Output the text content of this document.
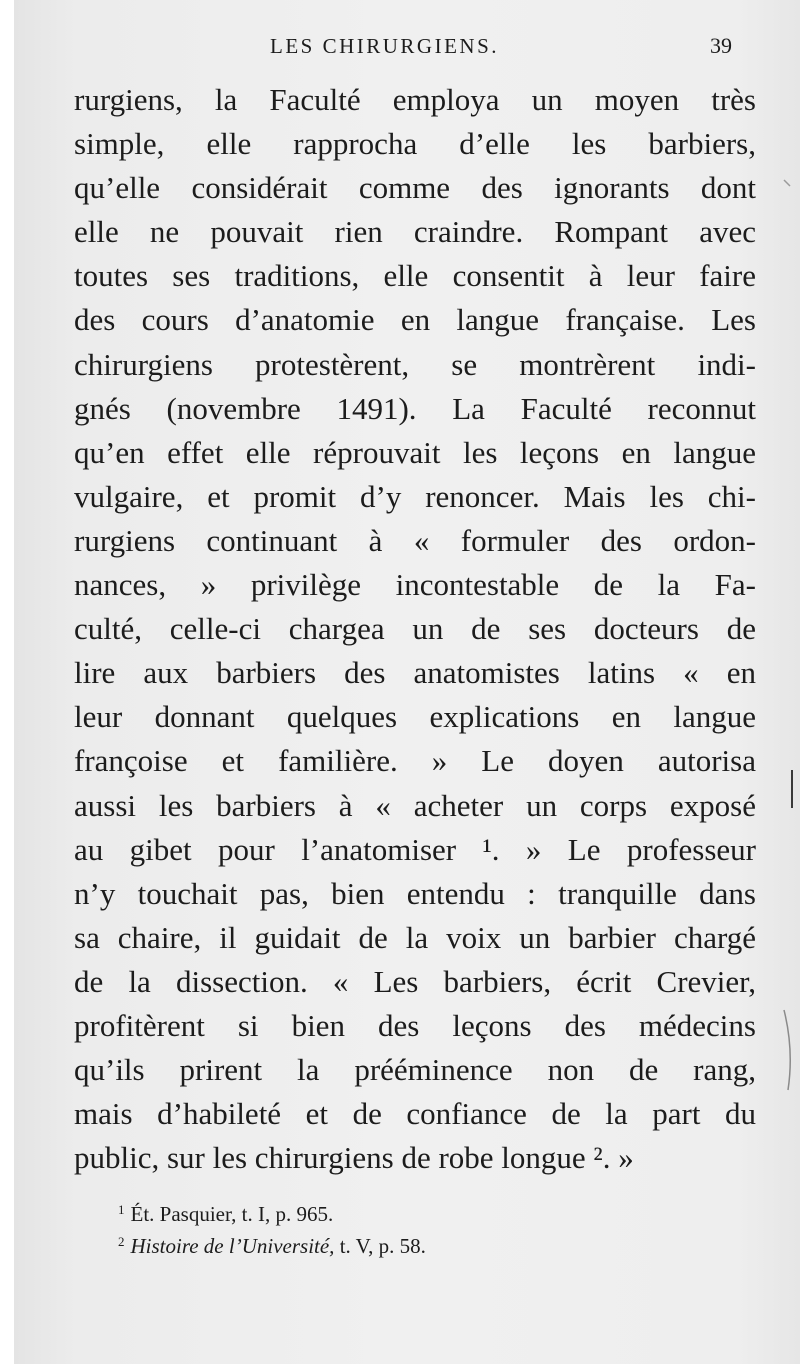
LES CHIRURGIENS.	39
rurgiens, la Faculté employa un moyen très
simple, elle rapprocha d’elle les barbiers,
qu’elle considérait comme des ignorants dont
elle ne pouvait rien craindre. Rompant avec
toutes ses traditions, elle consentit à leur faire
des cours d’anatomie en langue française. Les
chirurgiens protestèrent, se montrèrent indi-
gnés (novembre 1491). La Faculté reconnut
qu’en effet elle réprouvait les leçons en langue
vulgaire, et promit d’y renoncer. Mais les chi-
rurgiens continuant à « formuler des ordon-
nances, » privilège incontestable de la Fa-
culté, celle-ci chargea un de ses docteurs de
lire aux barbiers des anatomistes latins « en
leur donnant quelques explications en langue
françoise et familière. » Le doyen autorisa
aussi les barbiers à « acheter un corps exposé
au gibet pour l’anatomiser ¹. » Le professeur
n’y touchait pas, bien entendu : tranquille dans
sa chaire, il guidait de la voix un barbier chargé
de la dissection. « Les barbiers, écrit Crevier,
profitèrent si bien des leçons des médecins
qu’ils prirent la prééminence non de rang,
mais d’habileté et de confiance de la part du
public, sur les chirurgiens de robe longue ². »
$^1$ Ét. Pasquier, t. I, p. 965.
$^2$ Histoire de l’Université, t. V, p. 58.
